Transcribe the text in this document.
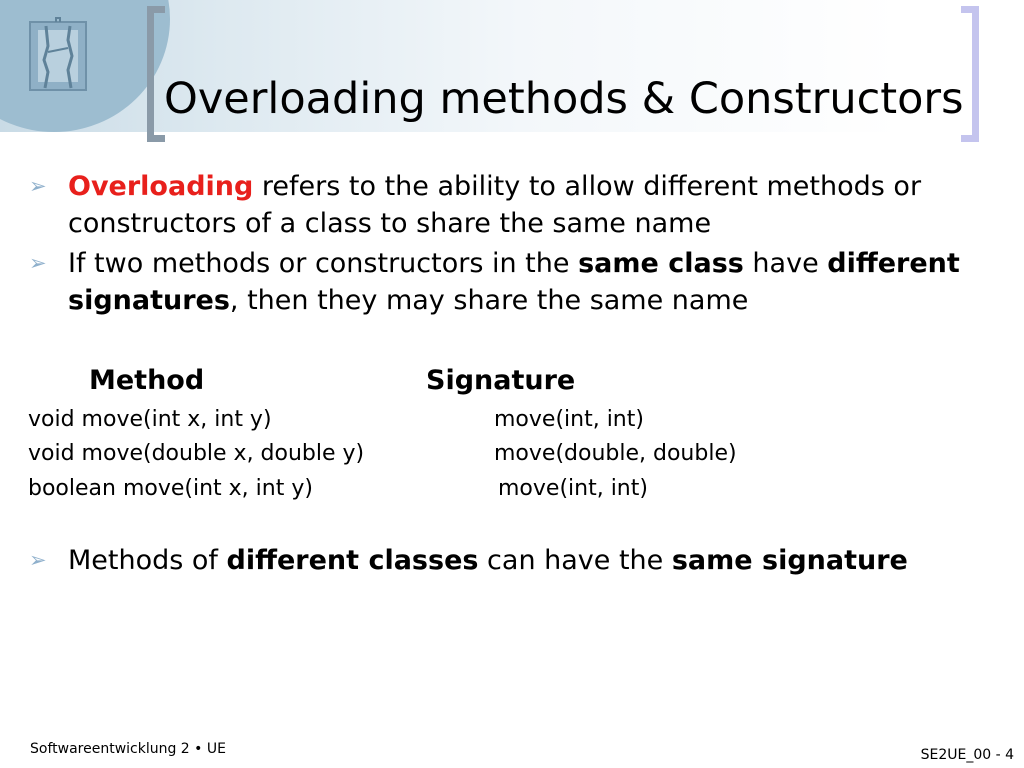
Overloading methods & Constructors
➢ Overloading refers to the ability to allow different methods or constructors of a class to share the same name
➢ If two methods or constructors in the same class have different signatures, then they may share the same name
Method	Signature
void move(int x, int y)	move(int, int)
void move(double x, double y)	move(double, double)
boolean move(int x, int y)	move(int, int)
➢ Methods of different classes can have the same signature
Softwareentwicklung 2 • UE	SE2UE_00 - 4
